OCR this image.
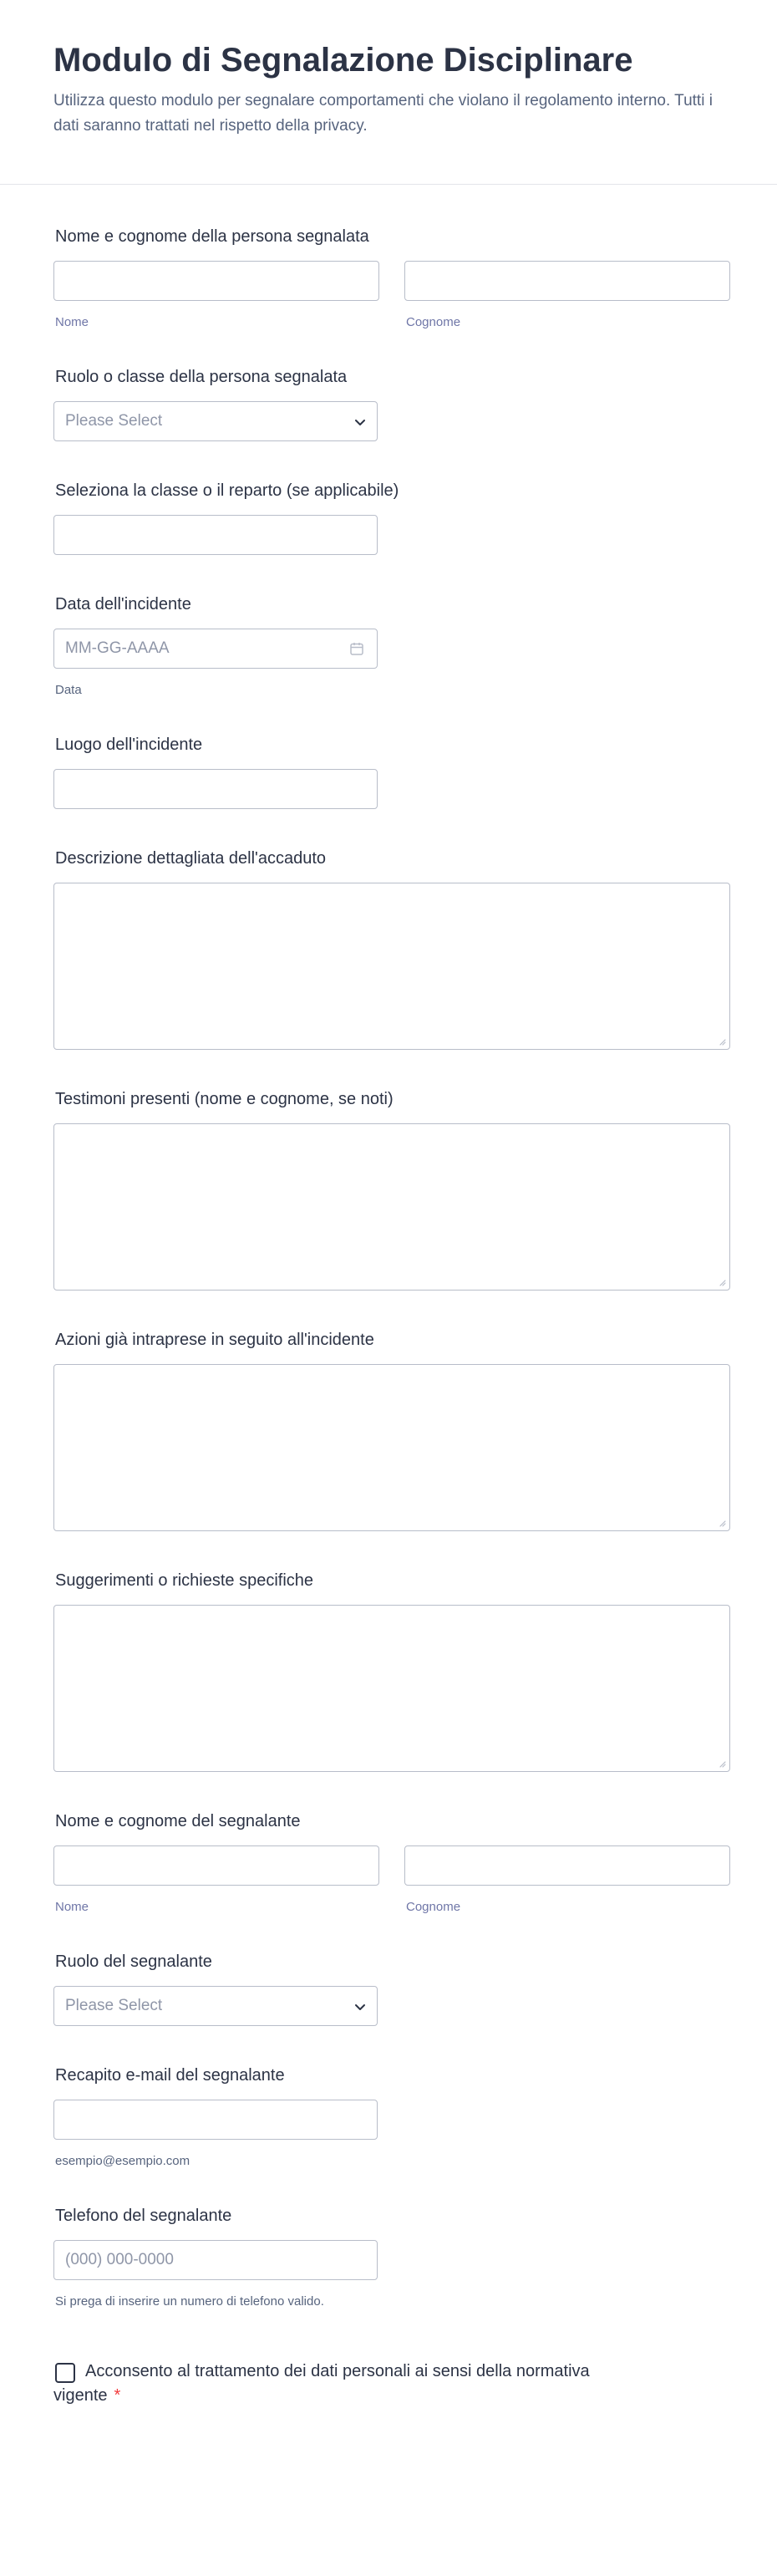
Modulo di Segnalazione Disciplinare

Utilizza questo modulo per segnalare comportamenti che violano il regolamento interno. Tutti i dati saranno trattati nel rispetto della privacy.

Nome e cognome della persona segnalata
Nome	Cognome
Ruolo o classe della persona segnalata
Please Select
Seleziona la classe o il reparto (se applicabile)
Data dell'incidente
MM-GG-AAAA
Data
Luogo dell'incidente
Descrizione dettagliata dell'accaduto
Testimoni presenti (nome e cognome, se noti)
Azioni già intraprese in seguito all'incidente
Suggerimenti o richieste specifiche
Nome e cognome del segnalante
Nome	Cognome
Ruolo del segnalante
Please Select
Recapito e-mail del segnalante
esempio@esempio.com
Telefono del segnalante
(000) 000-0000
Si prega di inserire un numero di telefono valido.
Acconsento al trattamento dei dati personali ai sensi della normativa
vigente *
